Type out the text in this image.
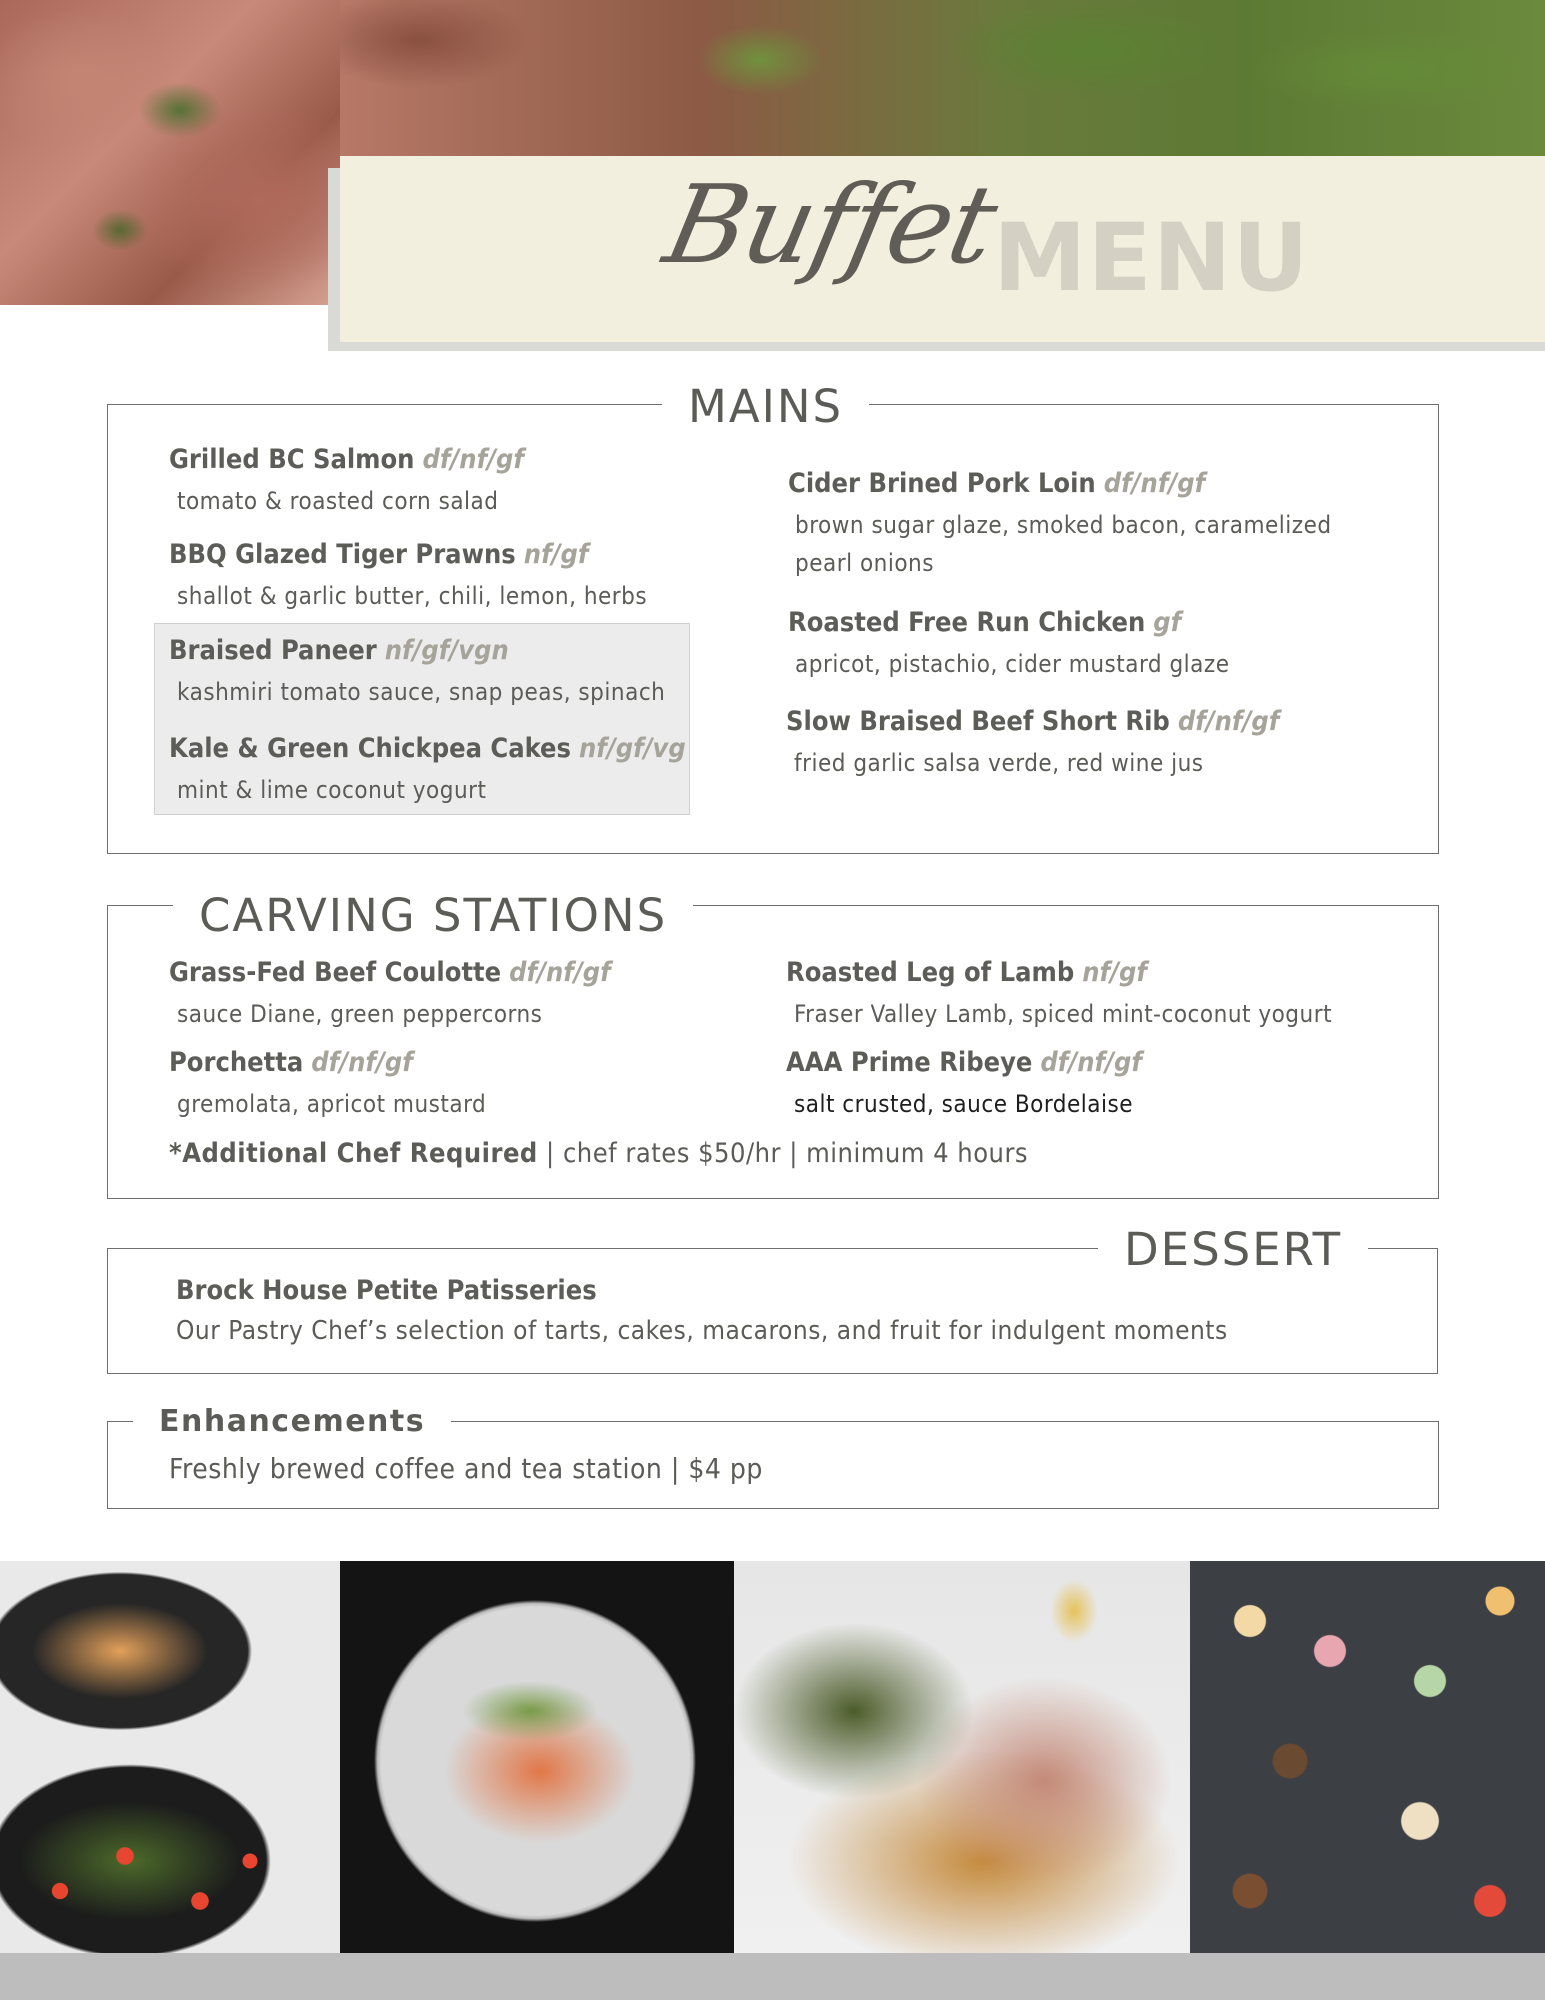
Buffet
MENU
MAINS
Grilled BC Salmon df/nf/gf
tomato & roasted corn salad
BBQ Glazed Tiger Prawns nf/gf
shallot & garlic butter, chili, lemon, herbs
Braised Paneer nf/gf/vgn
kashmiri tomato sauce, snap peas, spinach
Kale & Green Chickpea Cakes nf/gf/vg
mint & lime coconut yogurt
Cider Brined Pork Loin df/nf/gf
brown sugar glaze, smoked bacon, caramelized
pearl onions
Roasted Free Run Chicken gf
apricot, pistachio, cider mustard glaze
Slow Braised Beef Short Rib df/nf/gf
fried garlic salsa verde, red wine jus
CARVING STATIONS
Grass-Fed Beef Coulotte df/nf/gf
sauce Diane, green peppercorns
Roasted Leg of Lamb nf/gf
Fraser Valley Lamb, spiced mint-coconut yogurt
Porchetta df/nf/gf
gremolata, apricot mustard
AAA Prime Ribeye df/nf/gf
salt crusted, sauce Bordelaise
*Additional Chef Required | chef rates $50/hr | minimum 4 hours
DESSERT
Brock House Petite Patisseries
Our Pastry Chef’s selection of tarts, cakes, macarons, and fruit for indulgent moments
Enhancements
Freshly brewed coffee and tea station | $4 pp
